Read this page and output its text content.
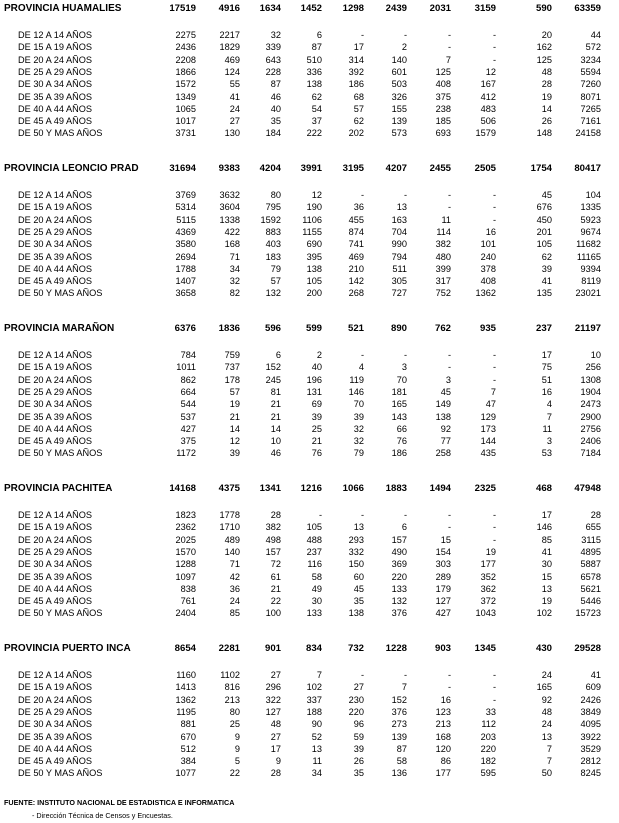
PROVINCIA HUAMALIES	17519 4916 1634 1452 1298 2439 2031 3159	590 63359
DE 12 A 14 AÑOS	2275	2217	32	6	-	-	-	-	20	44
DE 15 A 19 AÑOS	2436	1829	339	87	17	2	-	-	162	572
DE 20 A 24 AÑOS	2208	469	643	510	314	140	7	-	125	3234
DE 25 A 29 AÑOS	1866	124	228	336	392	601	125	12	48	5594
DE 30 A 34 AÑOS	1572	55	87	138	186	503	408	167	28	7260
DE 35 A 39 AÑOS	1349	41	46	62	68	326	375	412	19	8071
DE 40 A 44 AÑOS	1065	24	40	54	57	155	238	483	14	7265
DE 45 A 49 AÑOS	1017	27	35	37	62	139	185	506	26	7161
DE 50 Y MAS AÑOS	3731	130	184	222	202	573	693	1579	148	24158
PROVINCIA LEONCIO PRAD	31694 9383 4204 3991 3195 4207 2455 2505	1754 80417
DE 12 A 14 AÑOS	3769	3632	80	12	-	-	-	-	45	104
DE 15 A 19 AÑOS	5314	3604	795	190	36	13	-	-	676	1335
DE 20 A 24 AÑOS	5115	1338 1592 1106	455	163	11	-	450	5923
DE 25 A 29 AÑOS	4369	422	883 1155	874	704	114	16	201	9674
DE 30 A 34 AÑOS	3580	168	403	690	741	990	382	101	105	11682
DE 35 A 39 AÑOS	2694	71	183	395	469	794	480	240	62	11165
DE 40 A 44 AÑOS	1788	34	79	138	210	511	399	378	39	9394
DE 45 A 49 AÑOS	1407	32	57	105	142	305	317	408	41	8119
DE 50 Y MAS AÑOS	3658	82	132	200	268	727	752	1362	135	23021
PROVINCIA MARAÑON	6376 1836	596	599	521	890	762	935	237 21197
DE 12 A 14 AÑOS	784	759	6	2	-	-	-	-	17	10
DE 15 A 19 AÑOS	1011	737	152	40	4	3	-	-	75	256
DE 20 A 24 AÑOS	862	178	245	196	119	70	3	-	51	1308
DE 25 A 29 AÑOS	664	57	81	131	146	181	45	7	16	1904
DE 30 A 34 AÑOS	544	19	21	69	70	165	149	47	4	2473
DE 35 A 39 AÑOS	537	21	21	39	39	143	138	129	7	2900
DE 40 A 44 AÑOS	427	14	14	25	32	66	92	173	11	2756
DE 45 A 49 AÑOS	375	12	10	21	32	76	77	144	3	2406
DE 50 Y MAS AÑOS	1172	39	46	76	79	186	258	435	53	7184
PROVINCIA PACHITEA	14168 4375 1341 1216 1066 1883 1494 2325	468 47948
DE 12 A 14 AÑOS	1823	1778	28	-	-	-	-	-	17	28
DE 15 A 19 AÑOS	2362	1710	382	105	13	6	-	-	146	655
DE 20 A 24 AÑOS	2025	489	498	488	293	157	15	-	85	3115
DE 25 A 29 AÑOS	1570	140	157	237	332	490	154	19	41	4895
DE 30 A 34 AÑOS	1288	71	72	116	150	369	303	177	30	5887
DE 35 A 39 AÑOS	1097	42	61	58	60	220	289	352	15	6578
DE 40 A 44 AÑOS	838	36	21	49	45	133	179	362	13	5621
DE 45 A 49 AÑOS	761	24	22	30	35	132	127	372	19	5446
DE 50 Y MAS AÑOS	2404	85	100	133	138	376	427	1043	102	15723
PROVINCIA PUERTO INCA	8654 2281	901	834	732 1228	903 1345	430 29528
DE 12 A 14 AÑOS	1160	1102	27	7	-	-	-	-	24	41
DE 15 A 19 AÑOS	1413	816	296	102	27	7	-	-	165	609
DE 20 A 24 AÑOS	1362	213	322	337	230	152	16	-	92	2426
DE 25 A 29 AÑOS	1195	80	127	188	220	376	123	33	48	3849
DE 30 A 34 AÑOS	881	25	48	90	96	273	213	112	24	4095
DE 35 A 39 AÑOS	670	9	27	52	59	139	168	203	13	3922
DE 40 A 44 AÑOS	512	9	17	13	39	87	120	220	7	3529
DE 45 A 49 AÑOS	384	5	9	11	26	58	86	182	7	2812
DE 50 Y MAS AÑOS	1077	22	28	34	35	136	177	595	50	8245
FUENTE: INSTITUTO NACIONAL DE ESTADISTICA E INFORMATICA
- Dirección Técnica de Censos y Encuestas.
